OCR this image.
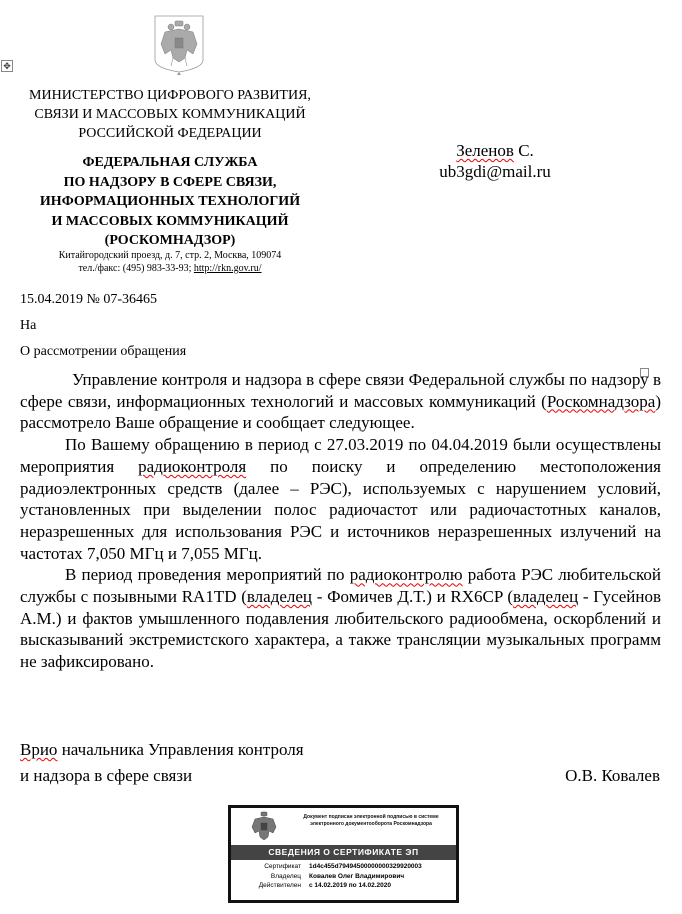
✥
МИНИСТЕРСТВО ЦИФРОВОГО РАЗВИТИЯ,
СВЯЗИ И МАССОВЫХ КОММУНИКАЦИЙ
РОССИЙСКОЙ ФЕДЕРАЦИИ
ФЕДЕРАЛЬНАЯ СЛУЖБА
ПО НАДЗОРУ В СФЕРЕ СВЯЗИ,
ИНФОРМАЦИОННЫХ ТЕХНОЛОГИЙ
И МАССОВЫХ КОММУНИКАЦИЙ
(РОСКОМНАДЗОР)
Китайгородский проезд, д. 7, стр. 2, Москва, 109074
тел./факс: (495) 983-33-93; http://rkn.gov.ru/
Зеленов С.
ub3gdi@mail.ru
15.04.2019 № 07-36465
На
О рассмотрении обращения

Управление контроля и надзора в сфере связи Федеральной службы по надзору в сфере связи, информационных технологий и массовых коммуникаций (Роскомнадзора) рассмотрело Ваше обращение и сообщает следующее.

По Вашему обращению в период с 27.03.2019 по 04.04.2019 были осуществлены мероприятия радиоконтроля по поиску и определению местоположения радиоэлектронных средств (далее – РЭС), используемых с нарушением условий, установленных при выделении полос радиочастот или радиочастотных каналов, неразрешенных для использования РЭС и источников неразрешенных излучений на частотах 7,050 МГц и 7,055 МГц.

В период проведения мероприятий по радиоконтролю работа РЭС любительской службы с позывными RA1TD (владелец - Фомичев Д.Т.) и RX6CP (владелец - Гусейнов А.М.) и фактов умышленного подавления любительского радиообмена, оскорблений и высказываний экстремистского характера, а также трансляции музыкальных программ не зафиксировано.

Врио начальника Управления контроля
и надзора в сфере связи	О.В. Ковалев
Документ подписан электронной подписью в системе электронного документооборота Роскомнадзора
СВЕДЕНИЯ О СЕРТИФИКАТЕ ЭП
Сертификат	1d4c455d79494500000000329920003
Владелец	Ковалев Олег Владимирович
Действителен	с 14.02.2019 по 14.02.2020
